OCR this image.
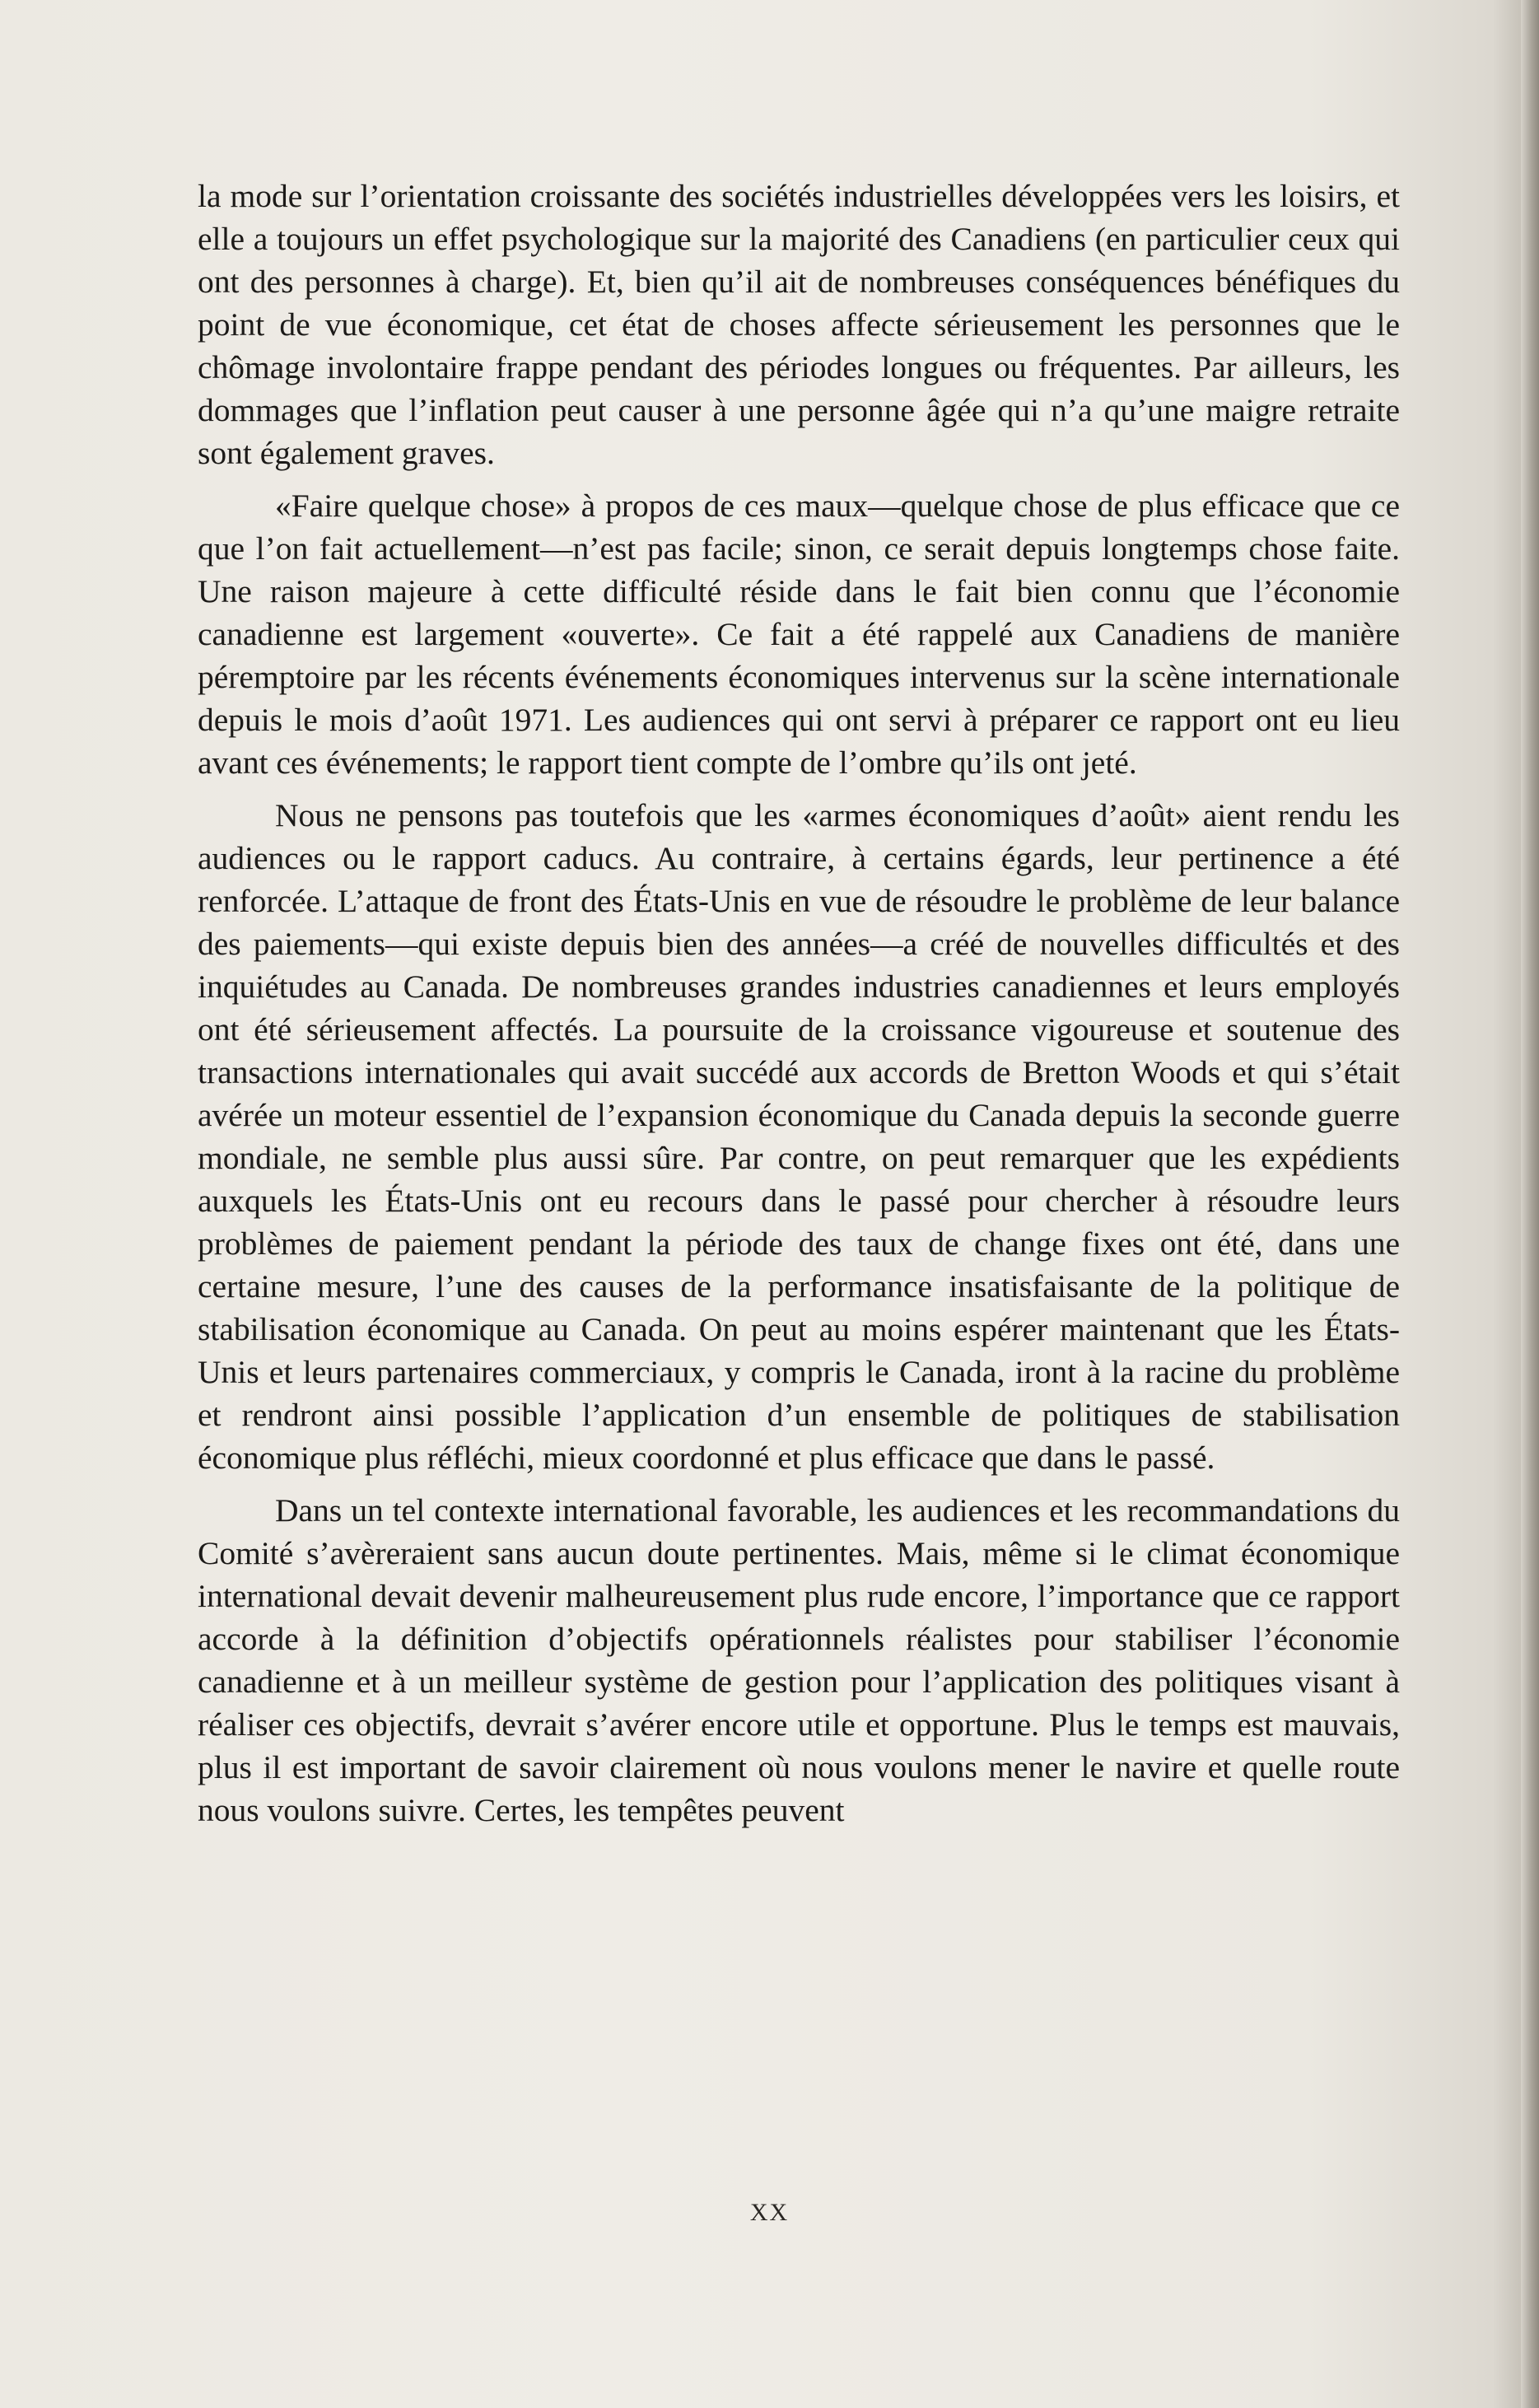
la mode sur l’orientation croissante des sociétés industrielles développées vers les loisirs, et elle a toujours un effet psychologique sur la majorité des Canadiens (en particulier ceux qui ont des personnes à charge). Et, bien qu’il ait de nombreuses conséquences bénéfiques du point de vue économique, cet état de choses affecte sérieusement les personnes que le chômage involontaire frappe pendant des périodes longues ou fréquentes. Par ailleurs, les dommages que l’inflation peut causer à une personne âgée qui n’a qu’une maigre retraite sont également graves.

«Faire quelque chose» à propos de ces maux—quelque chose de plus efficace que ce que l’on fait actuellement—n’est pas facile; sinon, ce serait depuis longtemps chose faite. Une raison majeure à cette difficulté réside dans le fait bien connu que l’économie canadienne est largement «ouverte». Ce fait a été rappelé aux Canadiens de manière péremptoire par les récents événements économiques intervenus sur la scène internationale depuis le mois d’août 1971. Les audiences qui ont servi à préparer ce rapport ont eu lieu avant ces événements; le rapport tient compte de l’ombre qu’ils ont jeté.

Nous ne pensons pas toutefois que les «armes économiques d’août» aient rendu les audiences ou le rapport caducs. Au contraire, à certains égards, leur pertinence a été renforcée. L’attaque de front des États-Unis en vue de résoudre le problème de leur balance des paiements—qui existe depuis bien des années—a créé de nouvelles difficultés et des inquiétudes au Canada. De nombreuses grandes industries canadiennes et leurs employés ont été sérieusement affectés. La poursuite de la croissance vigoureuse et soutenue des transactions internationales qui avait succédé aux accords de Bretton Woods et qui s’était avérée un moteur essentiel de l’expansion économique du Canada depuis la seconde guerre mondiale, ne semble plus aussi sûre. Par contre, on peut remarquer que les expédients auxquels les États-Unis ont eu recours dans le passé pour chercher à résoudre leurs problèmes de paiement pendant la période des taux de change fixes ont été, dans une certaine mesure, l’une des causes de la performance insatisfaisante de la politique de stabilisation économique au Canada. On peut au moins espérer maintenant que les États-Unis et leurs partenaires commerciaux, y compris le Canada, iront à la racine du problème et rendront ainsi possible l’application d’un ensemble de politiques de stabilisation économique plus réfléchi, mieux coordonné et plus efficace que dans le passé.

Dans un tel contexte international favorable, les audiences et les recommandations du Comité s’avèreraient sans aucun doute pertinentes. Mais, même si le climat économique international devait devenir malheureusement plus rude encore, l’importance que ce rapport accorde à la définition d’objectifs opérationnels réalistes pour stabiliser l’économie canadienne et à un meilleur système de gestion pour l’application des politiques visant à réaliser ces objectifs, devrait s’avérer encore utile et opportune. Plus le temps est mauvais, plus il est important de savoir clairement où nous voulons mener le navire et quelle route nous voulons suivre. Certes, les tempêtes peuvent

XX
